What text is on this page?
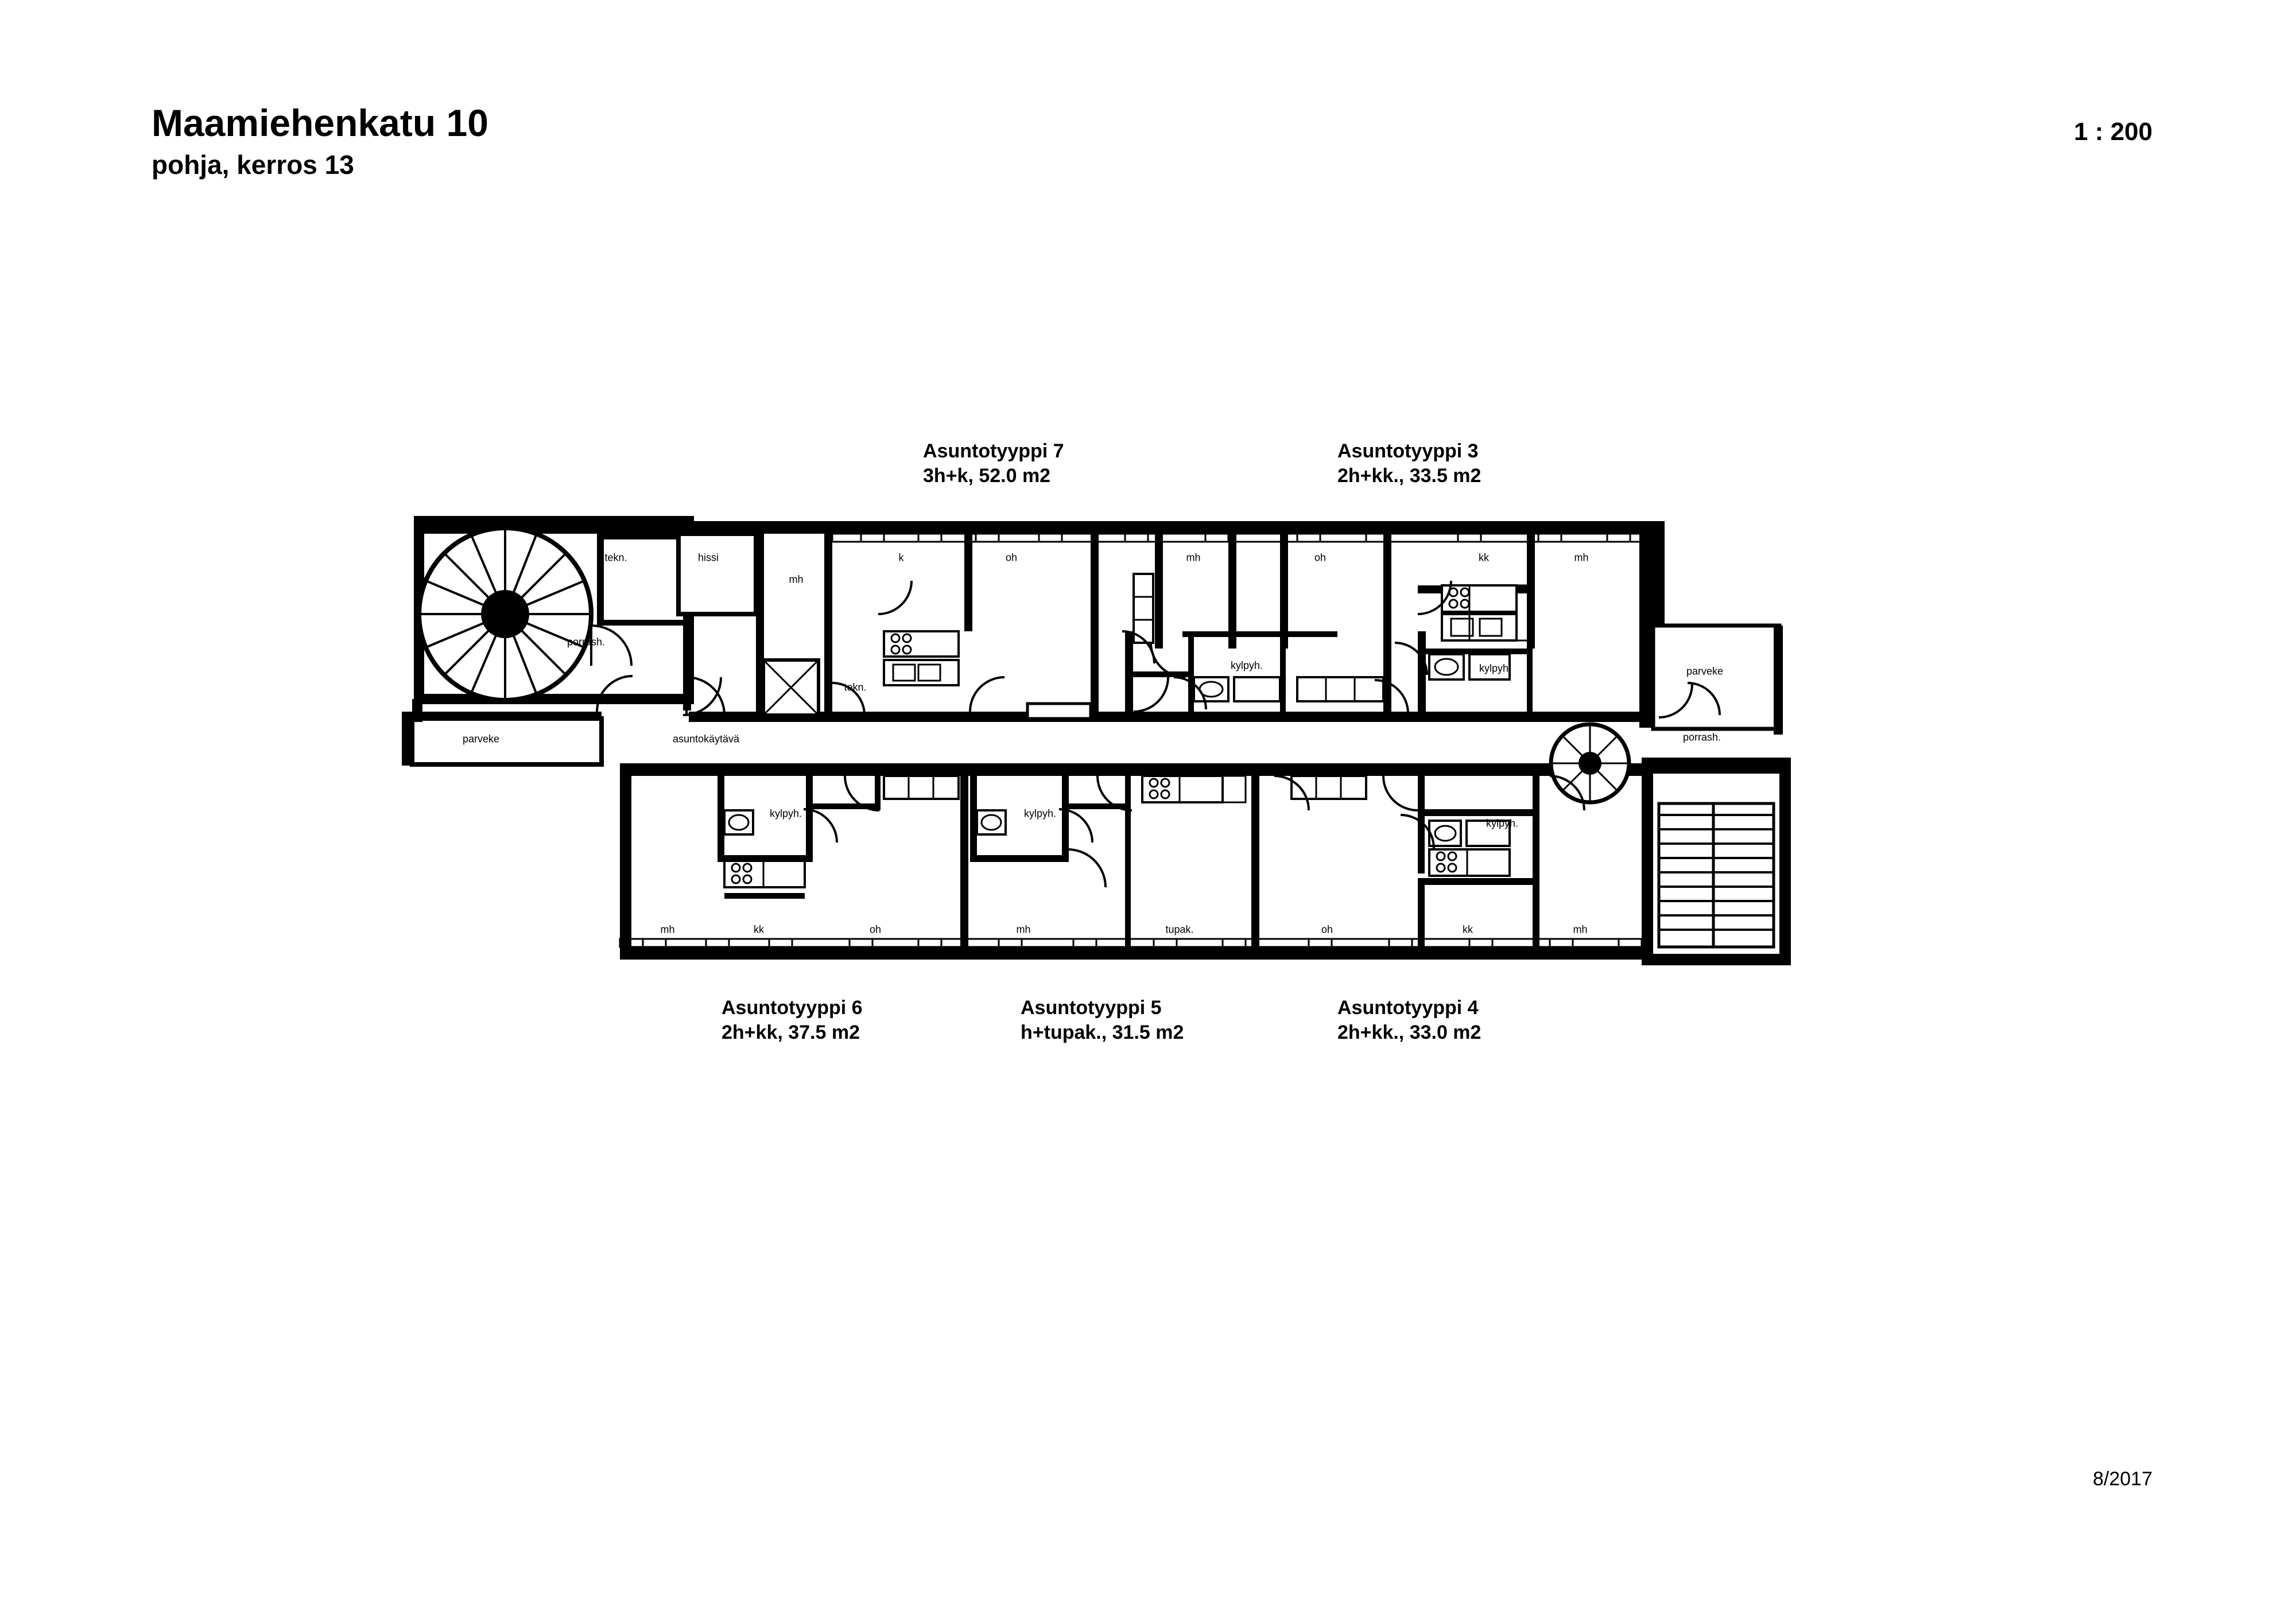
Maamiehenkatu 10
pohja, kerros 13
1 : 200
8/2017
Asuntotyyppi 7
3h+k, 52.0 m2
Asuntotyyppi 3
2h+kk., 33.5 m2
Asuntotyyppi 6
2h+kk, 37.5 m2
Asuntotyyppi 5
h+tupak., 31.5 m2
Asuntotyyppi 4
2h+kk., 33.0 m2
tekn.	hissi
mh
k	oh	mh	oh	kk	mh
porrash.
tekn.
kylpyh.	kylpyh.
parveke	asuntokäytävä
parveke
porrash.
kylpyh.	kylpyh.
kylpyh.
mh	kk	oh	mh	tupak.	oh	kk	mh
